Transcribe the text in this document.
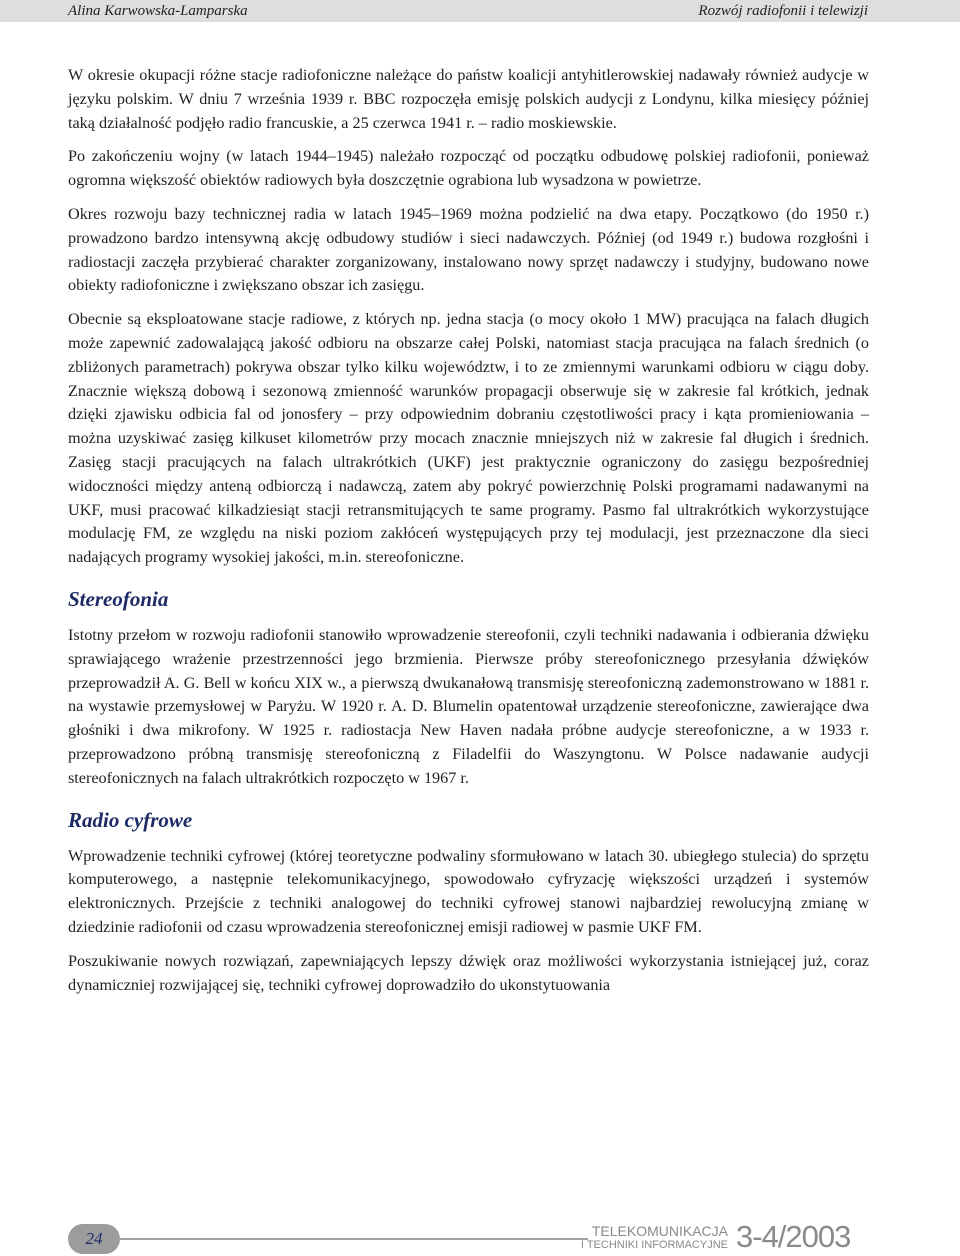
Alina Karwowska-Lamparska	Rozwój radiofonii i telewizji

W okresie okupacji różne stacje radiofoniczne należące do państw koalicji antyhitlerowskiej nadawały również audycje w języku polskim. W dniu 7 września 1939 r. BBC rozpoczęła emisję polskich audycji z Londynu, kilka miesięcy później taką działalność podjęło radio francuskie, a 25 czerwca 1941 r. – radio moskiewskie.

Po zakończeniu wojny (w latach 1944–1945) należało rozpocząć od początku odbudowę polskiej radiofonii, ponieważ ogromna większość obiektów radiowych była doszczętnie ograbiona lub wysadzona w powietrze.

Okres rozwoju bazy technicznej radia w latach 1945–1969 można podzielić na dwa etapy. Początkowo (do 1950 r.) prowadzono bardzo intensywną akcję odbudowy studiów i sieci nadawczych. Później (od 1949 r.) budowa rozgłośni i radiostacji zaczęła przybierać charakter zorganizowany, instalowano nowy sprzęt nadawczy i studyjny, budowano nowe obiekty radiofoniczne i zwiększano obszar ich zasięgu.

Obecnie są eksploatowane stacje radiowe, z których np. jedna stacja (o mocy około 1 MW) pracująca na falach długich może zapewnić zadowalającą jakość odbioru na obszarze całej Polski, natomiast stacja pracująca na falach średnich (o zbliżonych parametrach) pokrywa obszar tylko kilku województw, i to ze zmiennymi warunkami odbioru w ciągu doby. Znacznie większą dobową i sezonową zmienność warunków propagacji obserwuje się w zakresie fal krótkich, jednak dzięki zjawisku odbicia fal od jonosfery – przy odpowiednim dobraniu częstotliwości pracy i kąta promieniowania – można uzyskiwać zasięg kilkuset kilometrów przy mocach znacznie mniejszych niż w zakresie fal długich i średnich. Zasięg stacji pracujących na falach ultrakrótkich (UKF) jest praktycznie ograniczony do zasięgu bezpośredniej widoczności między anteną odbiorczą i nadawczą, zatem aby pokryć powierzchnię Polski programami nadawanymi na UKF, musi pracować kilkadziesiąt stacji retransmitujących te same programy. Pasmo fal ultrakrótkich wykorzystujące modulację FM, ze względu na niski poziom zakłóceń występujących przy tej modulacji, jest przeznaczone dla sieci nadających programy wysokiej jakości, m.in. stereofoniczne.

Stereofonia

Istotny przełom w rozwoju radiofonii stanowiło wprowadzenie stereofonii, czyli techniki nadawania i odbierania dźwięku sprawiającego wrażenie przestrzenności jego brzmienia. Pierwsze próby stereofonicznego przesyłania dźwięków przeprowadził A. G. Bell w końcu XIX w., a pierwszą dwukanałową transmisję stereofoniczną zademonstrowano w 1881 r. na wystawie przemysłowej w Paryżu. W 1920 r. A. D. Blumelin opatentował urządzenie stereofoniczne, zawierające dwa głośniki i dwa mikrofony. W 1925 r. radiostacja New Haven nadała próbne audycje stereofoniczne, a w 1933 r. przeprowadzono próbną transmisję stereofoniczną z Filadelfii do Waszyngtonu. W Polsce nadawanie audycji stereofonicznych na falach ultrakrótkich rozpoczęto w 1967 r.

Radio cyfrowe

Wprowadzenie techniki cyfrowej (której teoretyczne podwaliny sformułowano w latach 30. ubiegłego stulecia) do sprzętu komputerowego, a następnie telekomunikacyjnego, spowodowało cyfryzację większości urządzeń i systemów elektronicznych. Przejście z techniki analogowej do techniki cyfrowej stanowi najbardziej rewolucyjną zmianę w dziedzinie radiofonii od czasu wprowadzenia stereofonicznej emisji radiowej w pasmie UKF FM.

Poszukiwanie nowych rozwiązań, zapewniających lepszy dźwięk oraz możliwości wykorzystania istniejącej już, coraz dynamiczniej rozwijającej się, techniki cyfrowej doprowadziło do ukonstytuowania

24	TELEKOMUNIKACJA
I TECHNIKI INFORMACYJNE 3-4/2003
